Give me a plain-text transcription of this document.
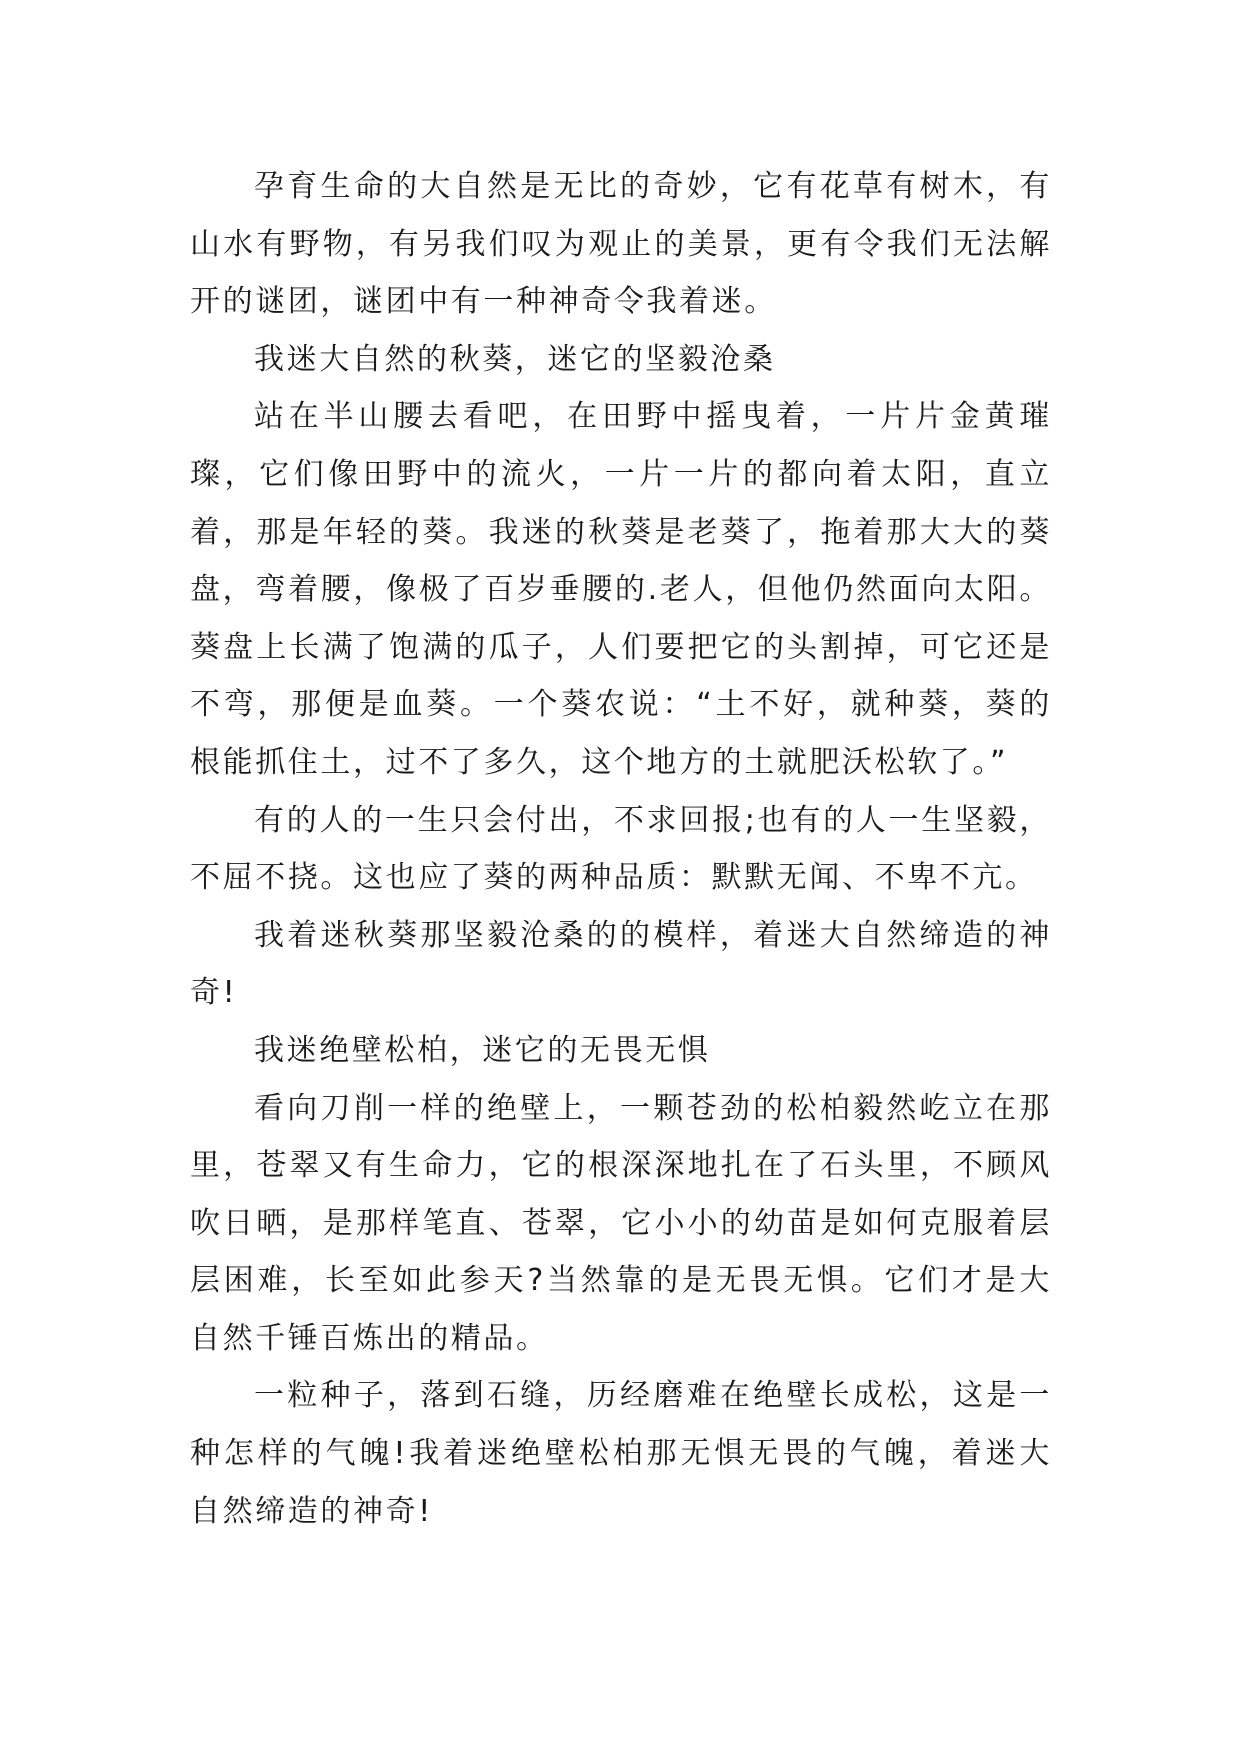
孕育生命的大自然是无比的奇妙，它有花草有树木，有山水有野物，有另我们叹为观止的美景，更有令我们无法解开的谜团，谜团中有一种神奇令我着迷。

我迷大自然的秋葵，迷它的坚毅沧桑

站在半山腰去看吧，在田野中摇曳着，一片片金黄璀璨，它们像田野中的流火，一片一片的都向着太阳，直立着，那是年轻的葵。我迷的秋葵是老葵了，拖着那大大的葵盘，弯着腰，像极了百岁垂腰的.老人，但他仍然面向太阳。葵盘上长满了饱满的瓜子，人们要把它的头割掉，可它还是不弯，那便是血葵。一个葵农说：“土不好，就种葵，葵的根能抓住土，过不了多久，这个地方的土就肥沃松软了。”

有的人的一生只会付出，不求回报;也有的人一生坚毅，不屈不挠。这也应了葵的两种品质：默默无闻、不卑不亢。

我着迷秋葵那坚毅沧桑的的模样，着迷大自然缔造的神奇!

我迷绝壁松柏，迷它的无畏无惧

看向刀削一样的绝壁上，一颗苍劲的松柏毅然屹立在那里，苍翠又有生命力，它的根深深地扎在了石头里，不顾风吹日晒，是那样笔直、苍翠，它小小的幼苗是如何克服着层层困难，长至如此参天?当然靠的是无畏无惧。它们才是大自然千锤百炼出的精品。

一粒种子，落到石缝，历经磨难在绝壁长成松，这是一种怎样的气魄!我着迷绝壁松柏那无惧无畏的气魄，着迷大自然缔造的神奇!
